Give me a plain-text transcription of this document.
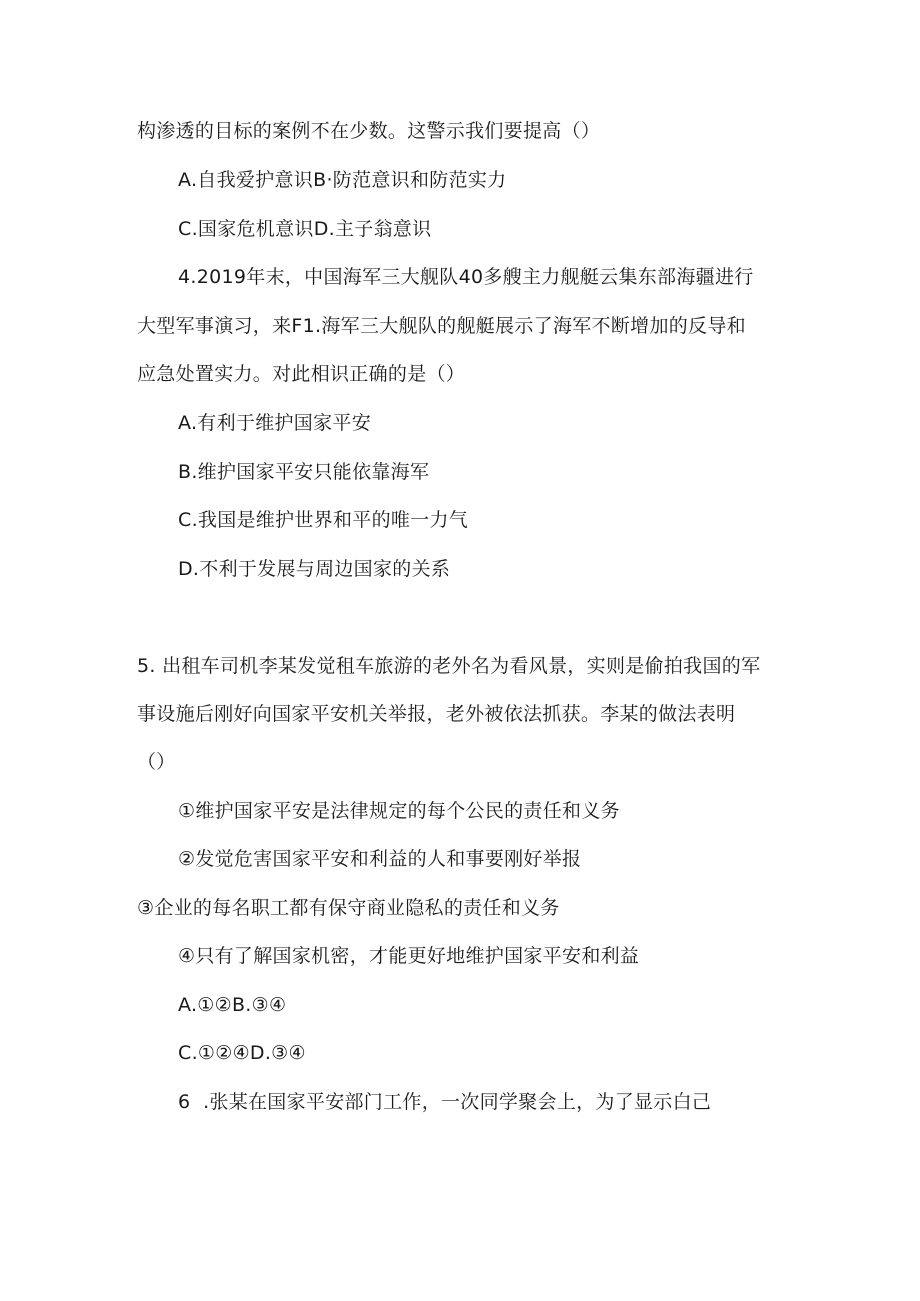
构渗透的目标的案例不在少数。这警示我们要提高（）
A.自我爱护意识B·防范意识和防范实力
C.国家危机意识D.主子翁意识
4.2019年末，中国海军三大舰队40多艘主力舰艇云集东部海疆进行
大型军事演习，来F1.海军三大舰队的舰艇展示了海军不断增加的反导和
应急处置实力。对此相识正确的是（）
A.有利于维护国家平安
B.维护国家平安只能依靠海军
C.我国是维护世界和平的唯一力气
D.不利于发展与周边国家的关系
5. 出租车司机李某发觉租车旅游的老外名为看风景，实则是偷拍我国的军
事设施后刚好向国家平安机关举报，老外被依法抓获。李某的做法表明
（）
①维护国家平安是法律规定的每个公民的责任和义务
②发觉危害国家平安和利益的人和事要刚好举报
③企业的每名职工都有保守商业隐私的责任和义务
④只有了解国家机密，才能更好地维护国家平安和利益
A.①②B.③④
C.①②④D.③④
6  .张某在国家平安部门工作，一次同学聚会上，为了显示白己
